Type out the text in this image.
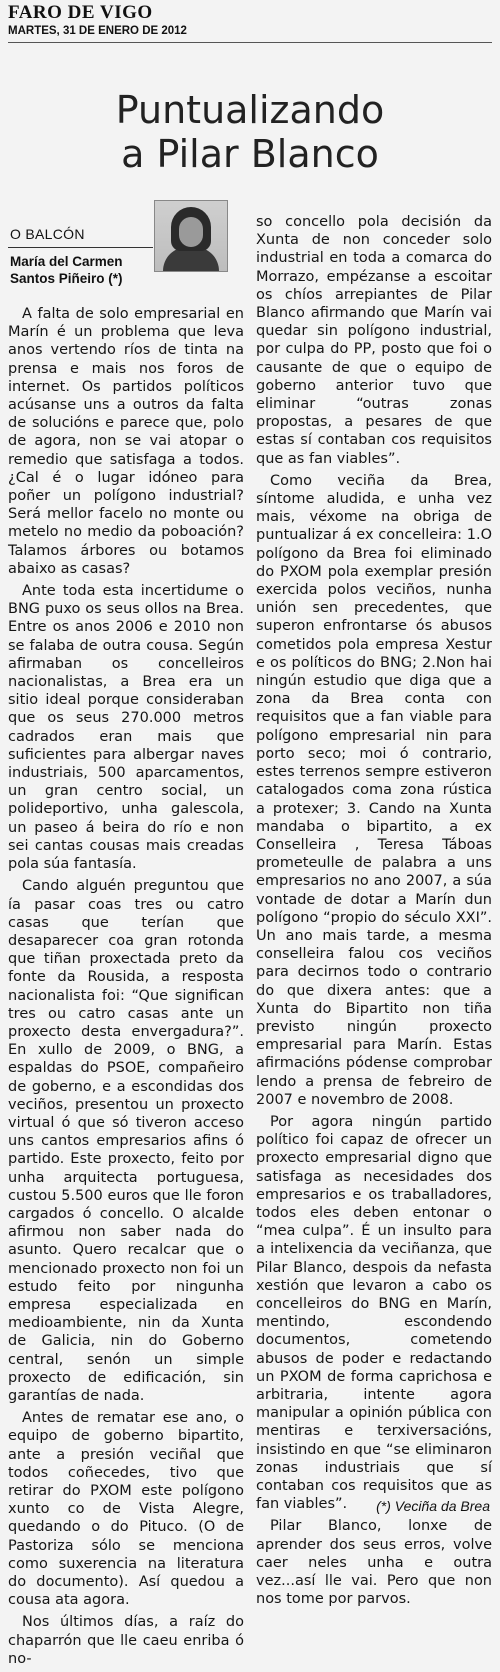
FARO DE VIGO
MARTES, 31 DE ENERO DE 2012
Puntualizando
a Pilar Blanco
O BALCÓN
María del Carmen
Santos Piñeiro (*)

A falta de solo empresarial en Marín é un problema que leva anos vertendo ríos de tinta na prensa e mais nos foros de internet. Os partidos políticos acúsanse uns a outros da falta de solucións e parece que, polo de agora, non se vai atopar o remedio que satisfaga a todos. ¿Cal é o lugar idóneo para poñer un polígono industrial? Será mellor facelo no monte ou metelo no medio da poboación? Talamos árbores ou botamos abaixo as casas?

Ante toda esta incertidume o BNG puxo os seus ollos na Brea. Entre os anos 2006 e 2010 non se falaba de outra cousa. Según afirmaban os concelleiros nacionalistas, a Brea era un sitio ideal porque consideraban que os seus 270.000 metros cadrados eran mais que suficientes para albergar naves industriais, 500 aparcamentos, un gran centro social, un polideportivo, unha galescola, un paseo á beira do río e non sei cantas cousas mais creadas pola súa fantasía.

Cando alguén preguntou que ía pasar coas tres ou catro casas que terían que desaparecer coa gran rotonda que tiñan proxectada preto da fonte da Rousida, a resposta nacionalista foi: “Que significan tres ou catro casas ante un proxecto desta envergadura?”. En xullo de 2009, o BNG, a espaldas do PSOE, compañeiro de goberno, e a escondidas dos veciños, presentou un proxecto virtual ó que só tiveron acceso uns cantos empresarios afins ó partido. Este proxecto, feito por unha arquitecta portuguesa, custou 5.500 euros que lle foron cargados ó concello. O alcalde afirmou non saber nada do asunto. Quero recalcar que o mencionado proxecto non foi un estudo feito por ningunha empresa especializada en medioambiente, nin da Xunta de Galicia, nin do Goberno central, senón un simple proxecto de edificación, sin garantías de nada.

Antes de rematar ese ano, o equipo de goberno bipartito, ante a presión veciñal que todos coñecedes, tivo que retirar do PXOM este polígono xunto co de Vista Alegre, quedando o do Pituco. (O de Pastoriza sólo se menciona como suxerencia na literatura do documento). Así quedou a cousa ata agora.

Nos últimos días, a raíz do chaparrón que lle caeu enriba ó no-

so concello pola decisión da Xunta de non conceder solo industrial en toda a comarca do Morrazo, empézanse a escoitar os chíos arrepiantes de Pilar Blanco afirmando que Marín vai quedar sin polígono industrial, por culpa do PP, posto que foi o causante de que o equipo de goberno anterior tuvo que eliminar “outras zonas propostas, a pesares de que estas sí contaban cos requisitos que as fan viables”.

Como veciña da Brea, síntome aludida, e unha vez mais, véxome na obriga de puntualizar á ex concelleira: 1.O polígono da Brea foi eliminado do PXOM pola exemplar presión exercida polos veciños, nunha unión sen precedentes, que superon enfrontarse ós abusos cometidos pola empresa Xestur e os políticos do BNG; 2.Non hai ningún estudio que diga que a zona da Brea conta con requisitos que a fan viable para polígono empresarial nin para porto seco; moi ó contrario, estes terrenos sempre estiveron catalogados coma zona rústica a protexer; 3. Cando na Xunta mandaba o bipartito, a ex Conselleira , Teresa Táboas prometeulle de palabra a uns empresarios no ano 2007, a súa vontade de dotar a Marín dun polígono “propio do século XXI”. Un ano mais tarde, a mesma conselleira falou cos veciños para decirnos todo o contrario do que dixera antes: que a Xunta do Bipartito non tiña previsto ningún proxecto empresarial para Marín. Estas afirmacións pódense comprobar lendo a prensa de febreiro de 2007 e novembro de 2008.

Por agora ningún partido político foi capaz de ofrecer un proxecto empresarial digno que satisfaga as necesidades dos empresarios e os traballadores, todos eles deben entonar o “mea culpa”. É un insulto para a intelixencia da veciñanza, que Pilar Blanco, despois da nefasta xestión que levaron a cabo os concelleiros do BNG en Marín, mentindo, escondendo documentos, cometendo abusos de poder e redactando un PXOM de forma caprichosa e arbitraria, intente agora manipular a opinión pública con mentiras e terxiversacións, insistindo en que “se eliminaron zonas industriais que sí contaban cos requisitos que as fan viables”.

Pilar Blanco, lonxe de aprender dos seus erros, volve caer neles unha e outra vez...así lle vai. Pero que non nos tome por parvos.

(*) Veciña da Brea
